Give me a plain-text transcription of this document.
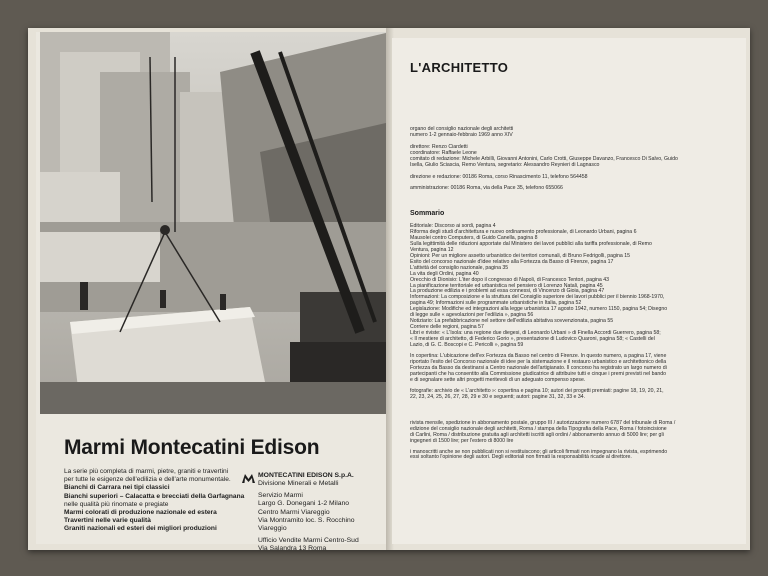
Marmi Montecatini Edison
La serie più completa di marmi, pietre, graniti e travertini
per tutte le esigenze dell'edilizia e dell'arte monumentale.
Bianchi di Carrara nei tipi classici
Bianchi superiori – Calacatta e brecciati della Garfagnana
nelle qualità più rinomate e pregiate
Marmi colorati di produzione nazionale ed estera
Travertini nelle varie qualità
Graniti nazionali ed esteri dei migliori produzioni
MONTECATINI EDISON S.p.A.
Divisione Minerali e Metalli
Servizio Marmi
Largo G. Donegani 1-2 Milano
Centro Marmi Viareggio
Via Montramito loc. S. Rocchino
Viareggio
Ufficio Vendite Marmi Centro-Sud
Via Salandra 13 Roma
L'ARCHITETTO
organo del consiglio nazionale degli architetti
numero 1-2 gennaio-febbraio 1969 anno XIV
direttore: Renzo Ciardetti
coordinatore: Raffaele Leone
comitato di redazione: Michele Arbilli, Giovanni Antonini, Carlo Crotti, Giuseppe Davanzo, Francesco Di Salvo, Guido
Isella, Giulio Sciascia, Remo Ventura, segretario: Alessandro Reynieri di Lagnasco
direzione e redazione: 00186 Roma, corso Rinascimento 11, telefono 564458
amministrazione: 00186 Roma, via della Pace 35, telefono 655066
Sommario
Editoriale: Discorso ai sordi, pagina 4
Riforma degli studi d'architettura e nuovo ordinamento professionale, di Leonardo Urbani, pagina 6
Mausolei contro Computers, di Guido Canella, pagina 8
Sulla legittimità delle riduzioni apportate dal Ministero dei lavori pubblici alla tariffa professionale, di Remo
Ventura, pagina 12
Opinioni: Per un migliore assetto urbanistico dei territori comunali, di Bruno Fedrigolli, pagina 15
Esito del concorso nazionale d'idee relativo alla Fortezza da Basso di Firenze, pagina 17
L'attività del consiglio nazionale, pagina 35
La vita degli Ordini, pagina 40
Orecchio di Dionisio: L'iter dopo il congresso di Napoli, di Francesco Tentori, pagina 43
La pianificazione territoriale ed urbanistica nel pensiero di Lorenzo Natali, pagina 45
La produzione edilizia e i problemi ad essa connessi, di Vincenzo di Gioia, pagina 47
Informazioni: La composizione e la struttura del Consiglio superiore dei lavori pubblici per il biennio 1968-1970,
pagina 49; Informazioni sulle programmate urbanistiche in Italia, pagina 52
Legislazione: Modifiche ed integrazioni alla legge urbanistica 17 agosto 1942, numero 1150, pagina 54; Disegno
di legge sulle « agevolazioni per l'edilizia », pagina 56
Notiziario: La prefabbricazione nel settore dell'edilizia abitativa sovvenzionata, pagina 55
Corriere delle regioni, pagina 57
Libri e riviste: « L'Isola: una regione due diegesi, di Leonardo Urbani » di Finella Accordi Guerrero, pagina 58;
« Il mestiere di architetto, di Federico Gorio », presentazione di Ludovico Quaroni, pagina 58; « Castelli del
Lazio, di G. C. Boscopi e C. Pericolli », pagina 59
In copertina: L'ubicazione dell'ex Fortezza da Basso nel centro di Firenze. In questo numero, a pagina 17, viene
riportato l'esito del Concorso nazionale di idee per la sistemazione e il restauro urbanistico e architettonico della
Fortezza da Basso da destinarsi a Centro nazionale dell'artigianato. Il concorso ha registrato un largo numero di
partecipanti che ha consentito alla Commissione giudicatrice di attribuire tutti e cinque i premi previsti nel bando
e di segnalare sette altri progetti meritevoli di un adeguato compenso spese.
fotografie: archivio de « L'architetto »: copertina e pagina 10; autori dei progetti premiati: pagine 18, 19, 20, 21,
22, 23, 24, 25, 26, 27, 28, 29 e 30 e seguenti; autori: pagine 31, 32, 33 e 34.
rivista mensile, spedizione in abbonamento postale, gruppo III / autorizzazione numero 6787 del tribunale di Roma /
edizione del consiglio nazionale degli architetti, Roma / stampa della Tipografia della Pace, Roma / fotoincisione
di Carlini, Roma / distribuzione gratuita agli architetti iscritti agli ordini / abbonamento annuo di 5000 lire; per gli
ingegneri di 1500 lire; per l'estero di 8000 lire
i manoscritti anche se non pubblicati non si restituiscono; gli articoli firmati non impegnano la rivista, esprimendo
essi soltanto l'opinione degli autori. Degli editoriali non firmati la responsabilità ricade al direttore.
